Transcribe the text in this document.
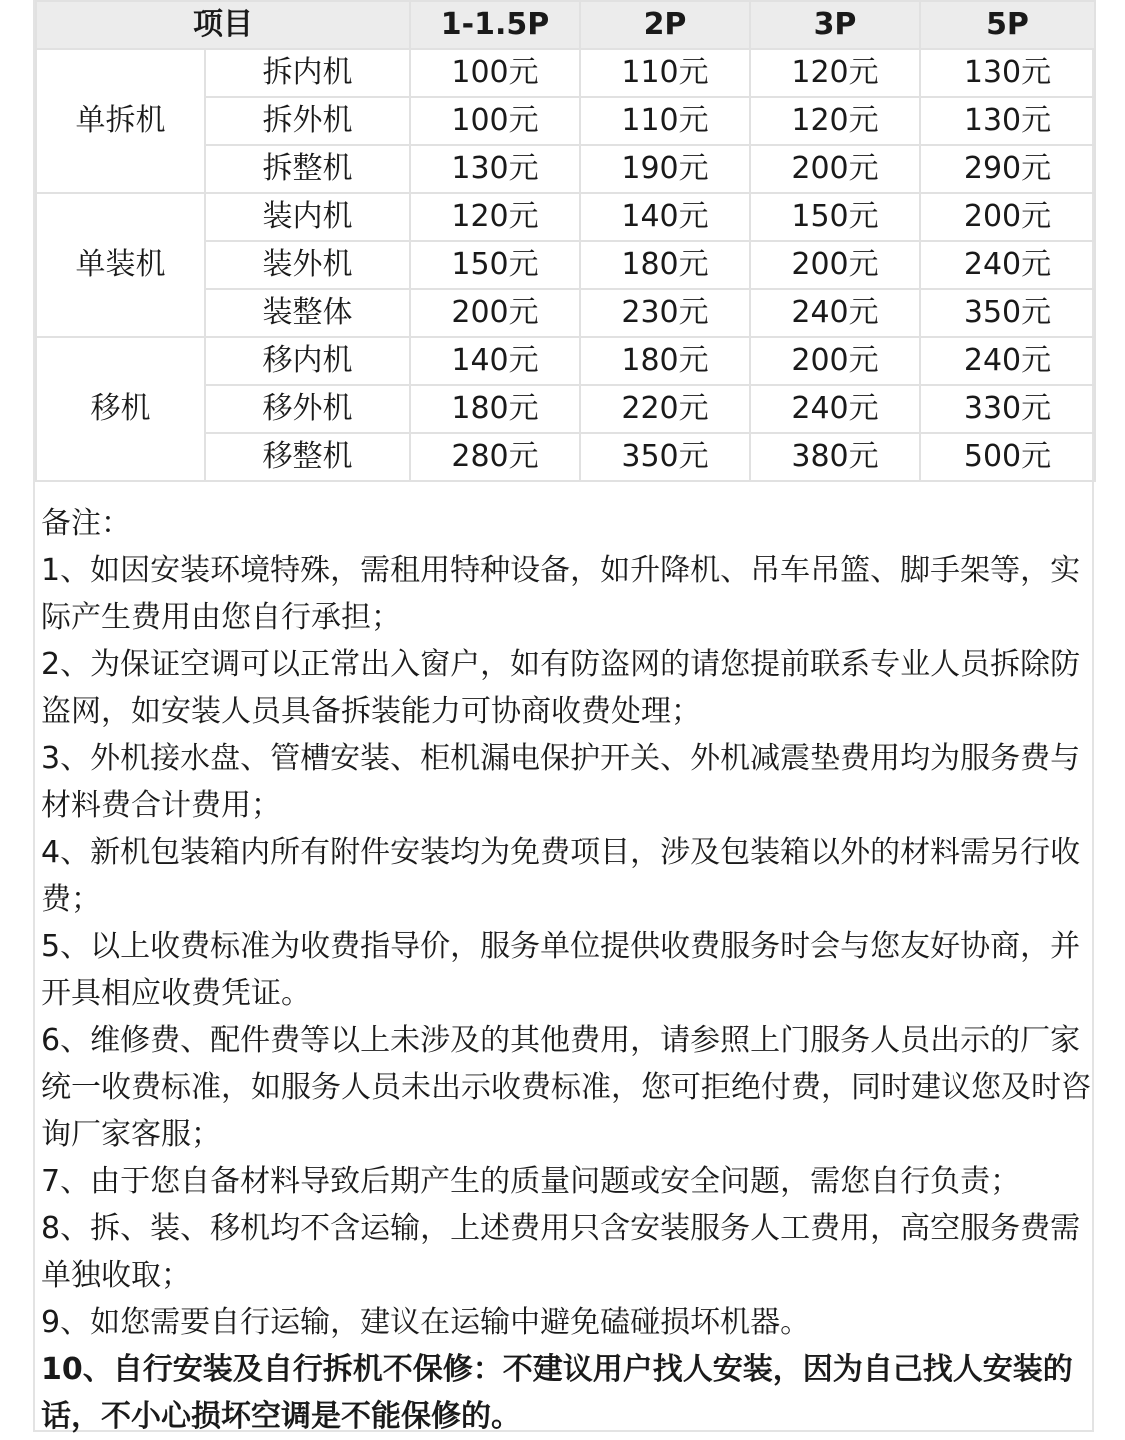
项目		1-1.5P	2P	3P	5P
单拆机	拆内机	100元	110元	120元	130元
	拆外机	100元	110元	120元	130元
	拆整机	130元	190元	200元	290元
单装机	装内机	120元	140元	150元	200元
	装外机	150元	180元	200元	240元
	装整体	200元	230元	240元	350元
移机	移内机	140元	180元	200元	240元
	移外机	180元	220元	240元	330元
	移整机	280元	350元	380元	500元
备注：

1、如因安装环境特殊，需租用特种设备，如升降机、吊车吊篮、脚手架等，实际产生费用由您自行承担；

2、为保证空调可以正常出入窗户，如有防盗网的请您提前联系专业人员拆除防盗网，如安装人员具备拆装能力可协商收费处理；

3、外机接水盘、管槽安装、柜机漏电保护开关、外机减震垫费用均为服务费与材料费合计费用；

4、新机包装箱内所有附件安装均为免费项目，涉及包装箱以外的材料需另行收费；

5、以上收费标准为收费指导价，服务单位提供收费服务时会与您友好协商，并开具相应收费凭证。

6、维修费、配件费等以上未涉及的其他费用，请参照上门服务人员出示的厂家统一收费标准，如服务人员未出示收费标准，您可拒绝付费，同时建议您及时咨询厂家客服；

7、由于您自备材料导致后期产生的质量问题或安全问题，需您自行负责；

8、拆、装、移机均不含运输，上述费用只含安装服务人工费用，高空服务费需单独收取；

9、如您需要自行运输，建议在运输中避免磕碰损坏机器。

10、自行安装及自行拆机不保修：不建议用户找人安装，因为自己找人安装的话，不小心损坏空调是不能保修的。
